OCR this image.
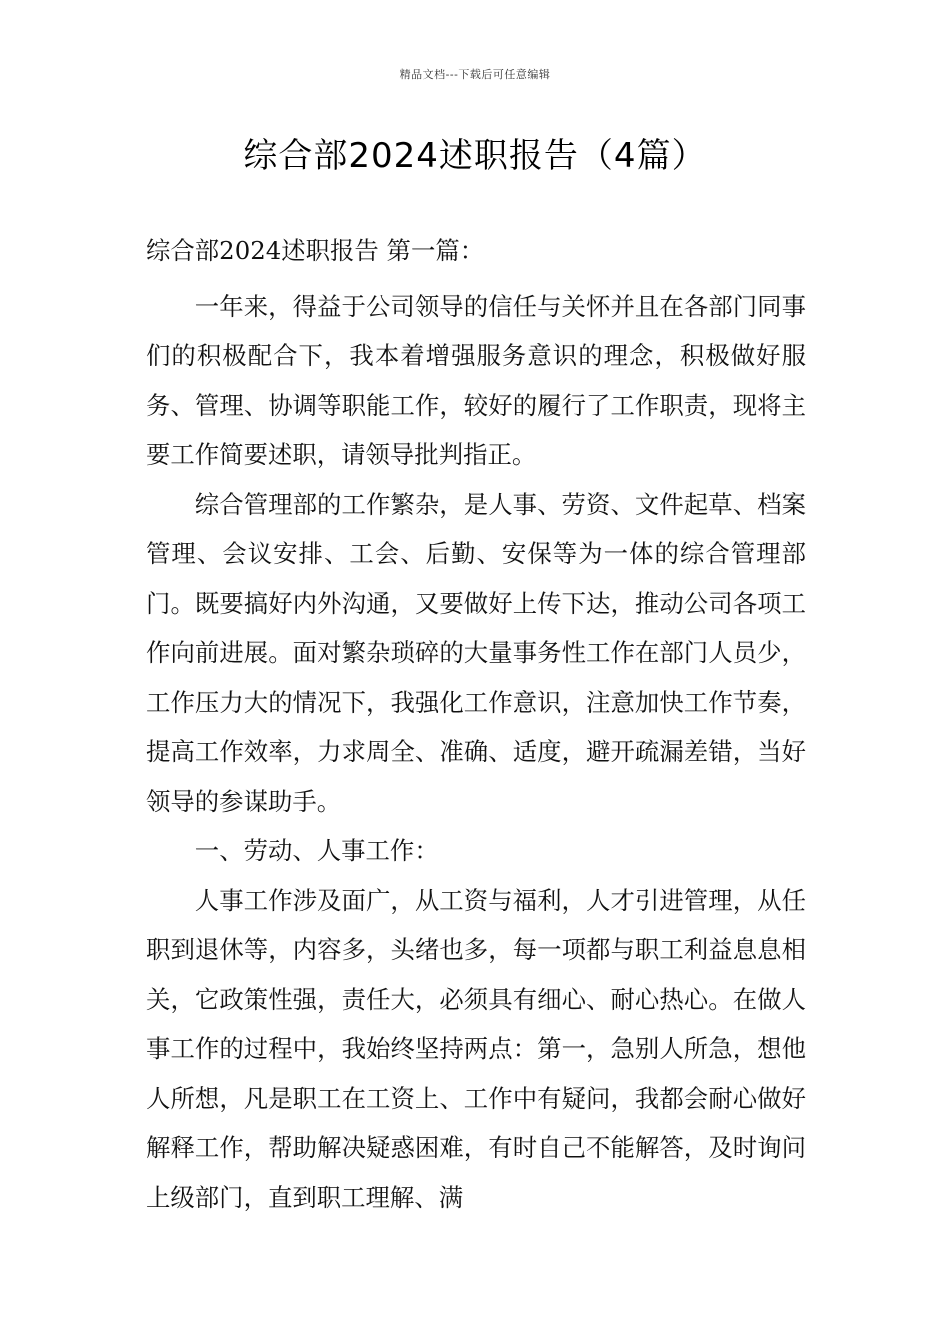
精品文档---下载后可任意编辑
综合部2024述职报告（4篇）

综合部2024述职报告 第一篇：

一年来，得益于公司领导的信任与关怀并且在各部门同事们的积极配合下，我本着增强服务意识的理念，积极做好服务、管理、协调等职能工作，较好的履行了工作职责，现将主要工作简要述职，请领导批判指正。

综合管理部的工作繁杂，是人事、劳资、文件起草、档案管理、会议安排、工会、后勤、安保等为一体的综合管理部门。既要搞好内外沟通，又要做好上传下达，推动公司各项工作向前进展。面对繁杂琐碎的大量事务性工作在部门人员少，工作压力大的情况下，我强化工作意识，注意加快工作节奏，提高工作效率，力求周全、准确、适度，避开疏漏差错，当好领导的参谋助手。

一、劳动、人事工作：

人事工作涉及面广，从工资与福利，人才引进管理，从任职到退休等，内容多，头绪也多，每一项都与职工利益息息相关，它政策性强，责任大，必须具有细心、耐心热心。在做人事工作的过程中，我始终坚持两点：第一，急别人所急，想他人所想，凡是职工在工资上、工作中有疑问，我都会耐心做好解释工作，帮助解决疑惑困难，有时自己不能解答，及时询问上级部门，直到职工理解、满
